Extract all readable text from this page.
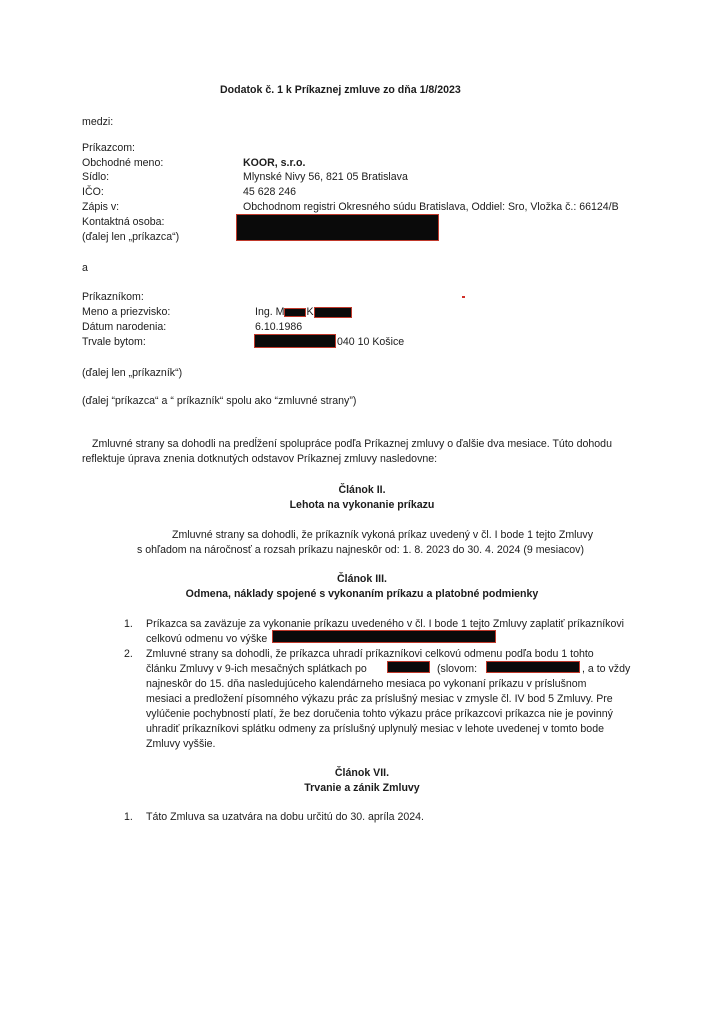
Dodatok č. 1 k Príkaznej zmluve zo dňa 1/8/2023
medzi:
Príkazcom:
Obchodné meno:	KOOR, s.r.o.
Sídlo:	Mlynské Nivy 56, 821 05 Bratislava
IČO:	45 628 246
Zápis v:	Obchodnom registri Okresného súdu Bratislava, Oddiel: Sro, Vložka č.: 66124/B
Kontaktná osoba:
(ďalej len „príkazca“)
a
Príkazníkom:
Meno a priezvisko:	Ing. M K
Dátum narodenia:	6.10.1986
Trvale bytom:	040 10 Košice
(ďalej len „príkazník“)
(ďalej “príkazca“ a “ príkazník“ spolu ako “zmluvné strany”)
Zmluvné strany sa dohodli na predĺžení spolupráce podľa Príkaznej zmluvy o ďalšie dva mesiace. Túto dohodu
reflektuje úprava znenia dotknutých odstavov Príkaznej zmluvy nasledovne:
Článok II.
Lehota na vykonanie príkazu
Zmluvné strany sa dohodli, že príkazník vykoná príkaz uvedený v čl. I bode 1 tejto Zmluvy
s ohľadom na náročnosť a rozsah príkazu najneskôr od: 1. 8. 2023 do 30. 4. 2024 (9 mesiacov)
Článok III.
Odmena, náklady spojené s vykonaním príkazu a platobné podmienky
1.	Príkazca sa zaväzuje za vykonanie príkazu uvedeného v čl. I bode 1 tejto Zmluvy zaplatiť príkazníkovi
celkovú odmenu vo výške
2.	Zmluvné strany sa dohodli, že príkazca uhradí príkazníkovi celkovú odmenu podľa bodu 1 tohto
článku Zmluvy v 9-ich mesačných splátkach po	(slovom:	, a to vždy
najneskôr do 15. dňa nasledujúceho kalendárneho mesiaca po vykonaní príkazu v príslušnom
mesiaci a predložení písomného výkazu prác za príslušný mesiac v zmysle čl. IV bod 5 Zmluvy. Pre
vylúčenie pochybností platí, že bez doručenia tohto výkazu práce príkazcovi príkazca nie je povinný
uhradiť príkazníkovi splátku odmeny za príslušný uplynulý mesiac v lehote uvedenej v tomto bode
Zmluvy vyššie.
Článok VII.
Trvanie a zánik Zmluvy
1.	Táto Zmluva sa uzatvára na dobu určitú do 30. apríla 2024.
